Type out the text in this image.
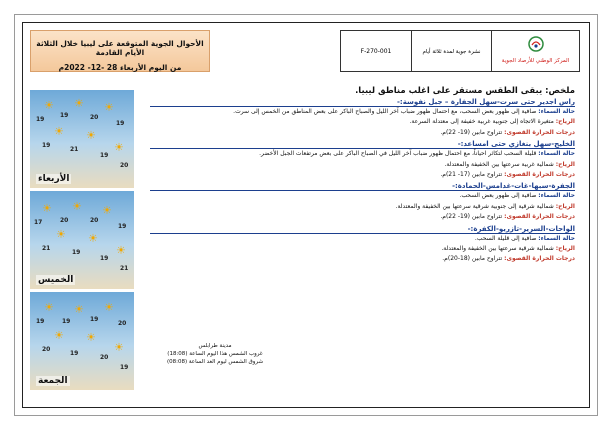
الأحوال الجوية المتوقعة على ليبيا خلال الثلاثة الأيام القادمة
من اليوم الأربعاء 28 -12- 2022م
F-270-001	نشرة جوية لمدة ثلاثة أيام
المركز الوطني للأرصاد الجوية
☀ ☀ ☀
☀ ☀
☀
19
19	20
19
19
21
19
20
الأربعاء
☀ ☀ ☀
☀ ☀
☀
17	20	20
19
21
19
19
21
الخميس
☀ ☀ ☀
☀ ☀
☀
19	19	19
20
20
19
20
19
الجمعة
مدينة طرابلس
غروب الشمس هذا اليوم الساعة (18:08)
شروق الشمس ليوم الغد الساعة (08:08)
ملخص: يبقى الطقس مستقر على اغلب مناطق ليبيا.
راس اجدير حتى سرت-سهل الجفارة – جبل نفوسة:-
حالة السماء: صافية إلى ظهور بعض السحب، مع احتمال ظهور ضباب آخر الليل والصباح الباكر على بعض المناطق من الخمس إلى سرت.
الرياح: متغيرة الاتجاه إلى جنوبية غربية خفيفة إلى معتدلة السرعة.
درجات الحرارة القصوى: تتراوح مابين (19- 22)م.
الخليج-سهل بنغازي حتى امساعد:-
حالة السماء: قليلة السحب لتكاثر احياناً، مع احتمال ظهور ضباب آخر الليل في الصباح الباكر على بعض مرتفعات الجبل الأخضر.
الرياح: شمالية غربية سرعتها بين الخفيفة والمعتدلة.
درجات الحرارة القصوى: تتراوح مابين (17- 21)م.
الجفرة-سبها-غات-غدامس-الحمادة:-
حالة السماء: صافية إلى ظهور بعض السحب.
الرياح: شمالية شرقية إلى جنوبية شرقية سرعتها بين الخفيفة والمعتدلة.
درجات الحرارة القصوى: تتراوح مابين (19- 22)م.
الواحات-السرير-تازربو-الكفرة:-
حالة السماء: صافية إلى قليلة السحب.
الرياح: شمالية شرقية سرعتها بين الخفيفة والمعتدلة.
درجات الحرارة القصوى: تتراوح مابين (18-20)م.
